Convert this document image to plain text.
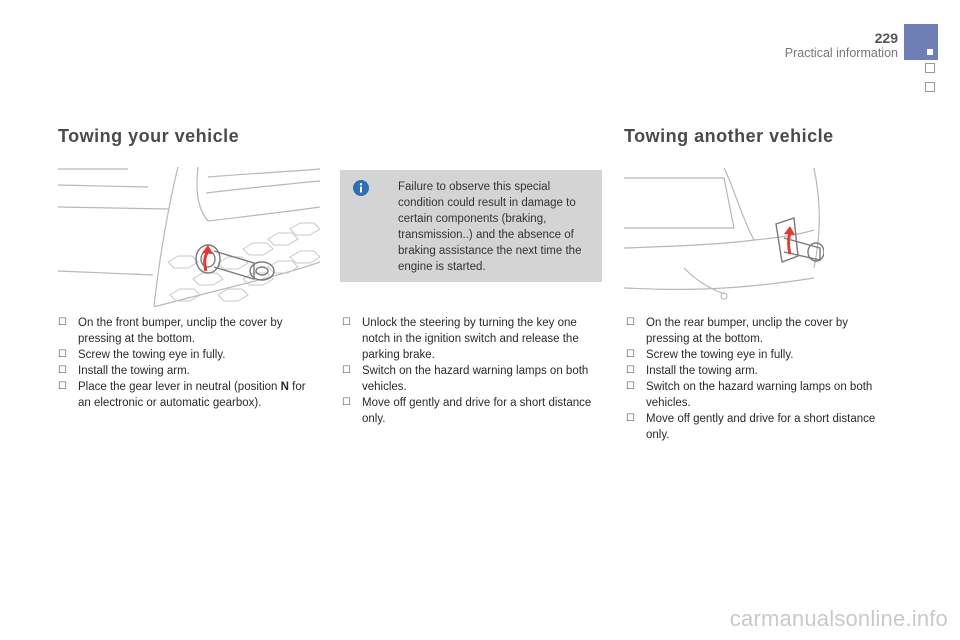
229
Practical information
Towing your vehicle	Towing another vehicle
Failure to observe this special condition could result in damage to certain components (braking, transmission..) and the absence of braking assistance the next time the engine is started.
☐ On the front bumper, unclip the cover by pressing at the bottom.
☐ Screw the towing eye in fully.
☐ Install the towing arm.
☐ Place the gear lever in neutral (position N for an electronic or automatic gearbox).
☐ Unlock the steering by turning the key one notch in the ignition switch and release the parking brake.
☐ Switch on the hazard warning lamps on both vehicles.
☐ Move off gently and drive for a short distance only.
☐ On the rear bumper, unclip the cover by pressing at the bottom.
☐ Screw the towing eye in fully.
☐ Install the towing arm.
☐ Switch on the hazard warning lamps on both vehicles.
☐ Move off gently and drive for a short distance only.
carmanualsonline.info
